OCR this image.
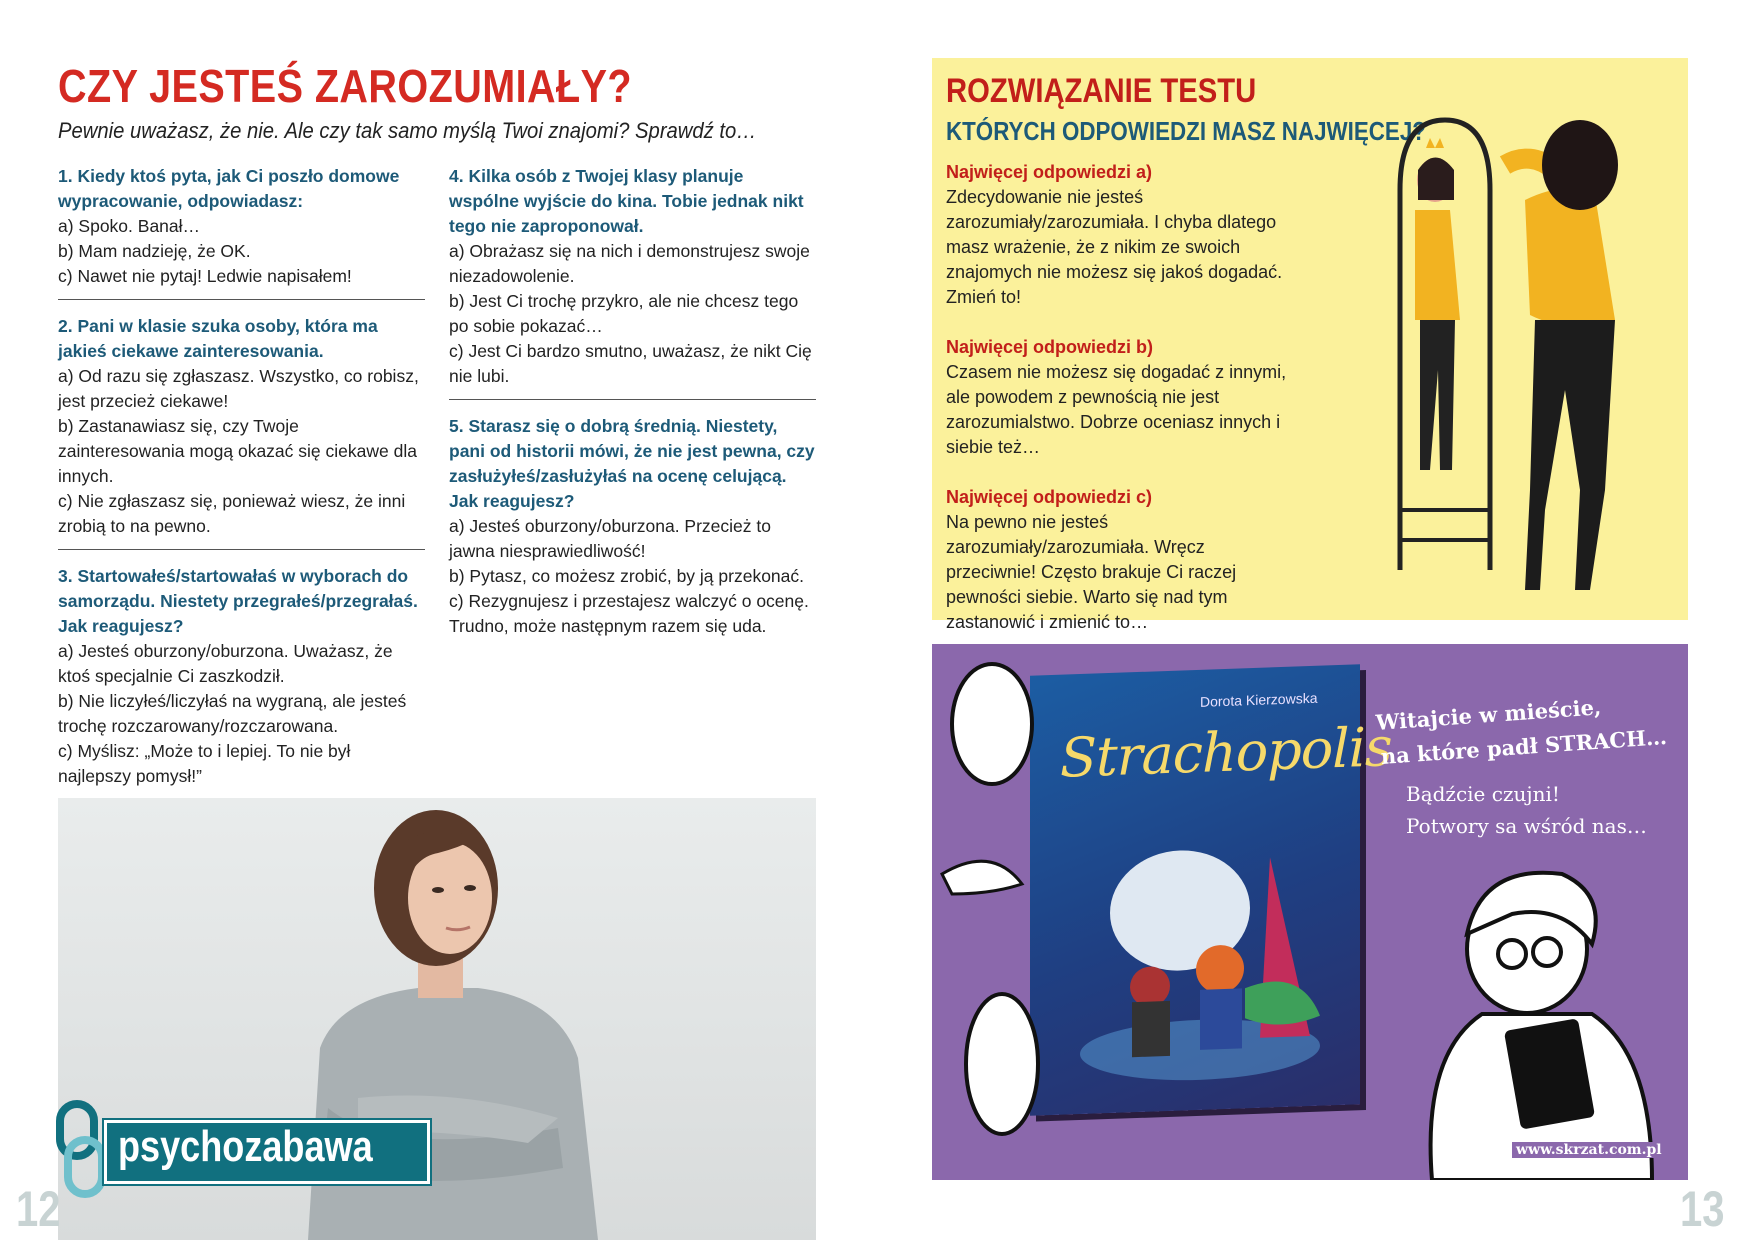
CZY JESTEŚ ZAROZUMIAŁY?
Pewnie uważasz, że nie. Ale czy tak samo myślą Twoi znajomi? Sprawdź to…
1. Kiedy ktoś pyta, jak Ci poszło domowe wypracowanie, odpowiadasz:
a) Spoko. Banał…
b) Mam nadzieję, że OK.
c) Nawet nie pytaj! Ledwie napisałem!
2. Pani w klasie szuka osoby, która ma jakieś ciekawe zainteresowania.
a) Od razu się zgłaszasz. Wszystko, co robisz, jest przecież ciekawe!
b) Zastanawiasz się, czy Twoje zainteresowania mogą okazać się ciekawe dla innych.
c) Nie zgłaszasz się, ponieważ wiesz, że inni zrobią to na pewno.
3. Startowałeś/startowałaś w wyborach do samorządu. Niestety przegrałeś/przegrałaś. Jak reagujesz?
a) Jesteś oburzony/oburzona. Uważasz, że ktoś specjalnie Ci zaszkodził.
b) Nie liczyłeś/liczyłaś na wygraną, ale jesteś trochę rozczarowany/rozczarowana.
c) Myślisz: „Może to i lepiej. To nie był najlepszy pomysł!”
4. Kilka osób z Twojej klasy planuje wspólne wyjście do kina. Tobie jednak nikt tego nie zaproponował.
a) Obrażasz się na nich i demonstrujesz swoje niezadowolenie.
b) Jest Ci trochę przykro, ale nie chcesz tego po sobie pokazać…
c) Jest Ci bardzo smutno, uważasz, że nikt Cię nie lubi.
5. Starasz się o dobrą średnią. Niestety, pani od historii mówi, że nie jest pewna, czy zasłużyłeś/zasłużyłaś na ocenę celującą. Jak reagujesz?
a) Jesteś oburzony/oburzona. Przecież to jawna niesprawiedliwość!
b) Pytasz, co możesz zrobić, by ją przekonać.
c) Rezygnujesz i przestajesz walczyć o ocenę. Trudno, może następnym razem się uda.
psychozabawa
12
ROZWIĄZANIE TESTU
KTÓRYCH ODPOWIEDZI MASZ NAJWIĘCEJ?
Najwięcej odpowiedzi a)
Zdecydowanie nie jesteś zarozumiały/zarozumiała. I chyba dlatego masz wrażenie, że z nikim ze swoich znajomych nie możesz się jakoś dogadać. Zmień to!
Najwięcej odpowiedzi b)
Czasem nie możesz się dogadać z innymi, ale powodem z pewnością nie jest zarozumialstwo. Dobrze oceniasz innych i siebie też…
Najwięcej odpowiedzi c)
Na pewno nie jesteś zarozumiały/zarozumiała. Wręcz przeciwnie! Często brakuje Ci raczej pewności siebie. Warto się nad tym zastanowić i zmienić to…
Dorota Kierzowska
Strachopolis
Witajcie w mieście,
na które padł STRACH…
Bądźcie czujni!
Potwory sa wśród nas…
www.skrzat.com.pl
13
